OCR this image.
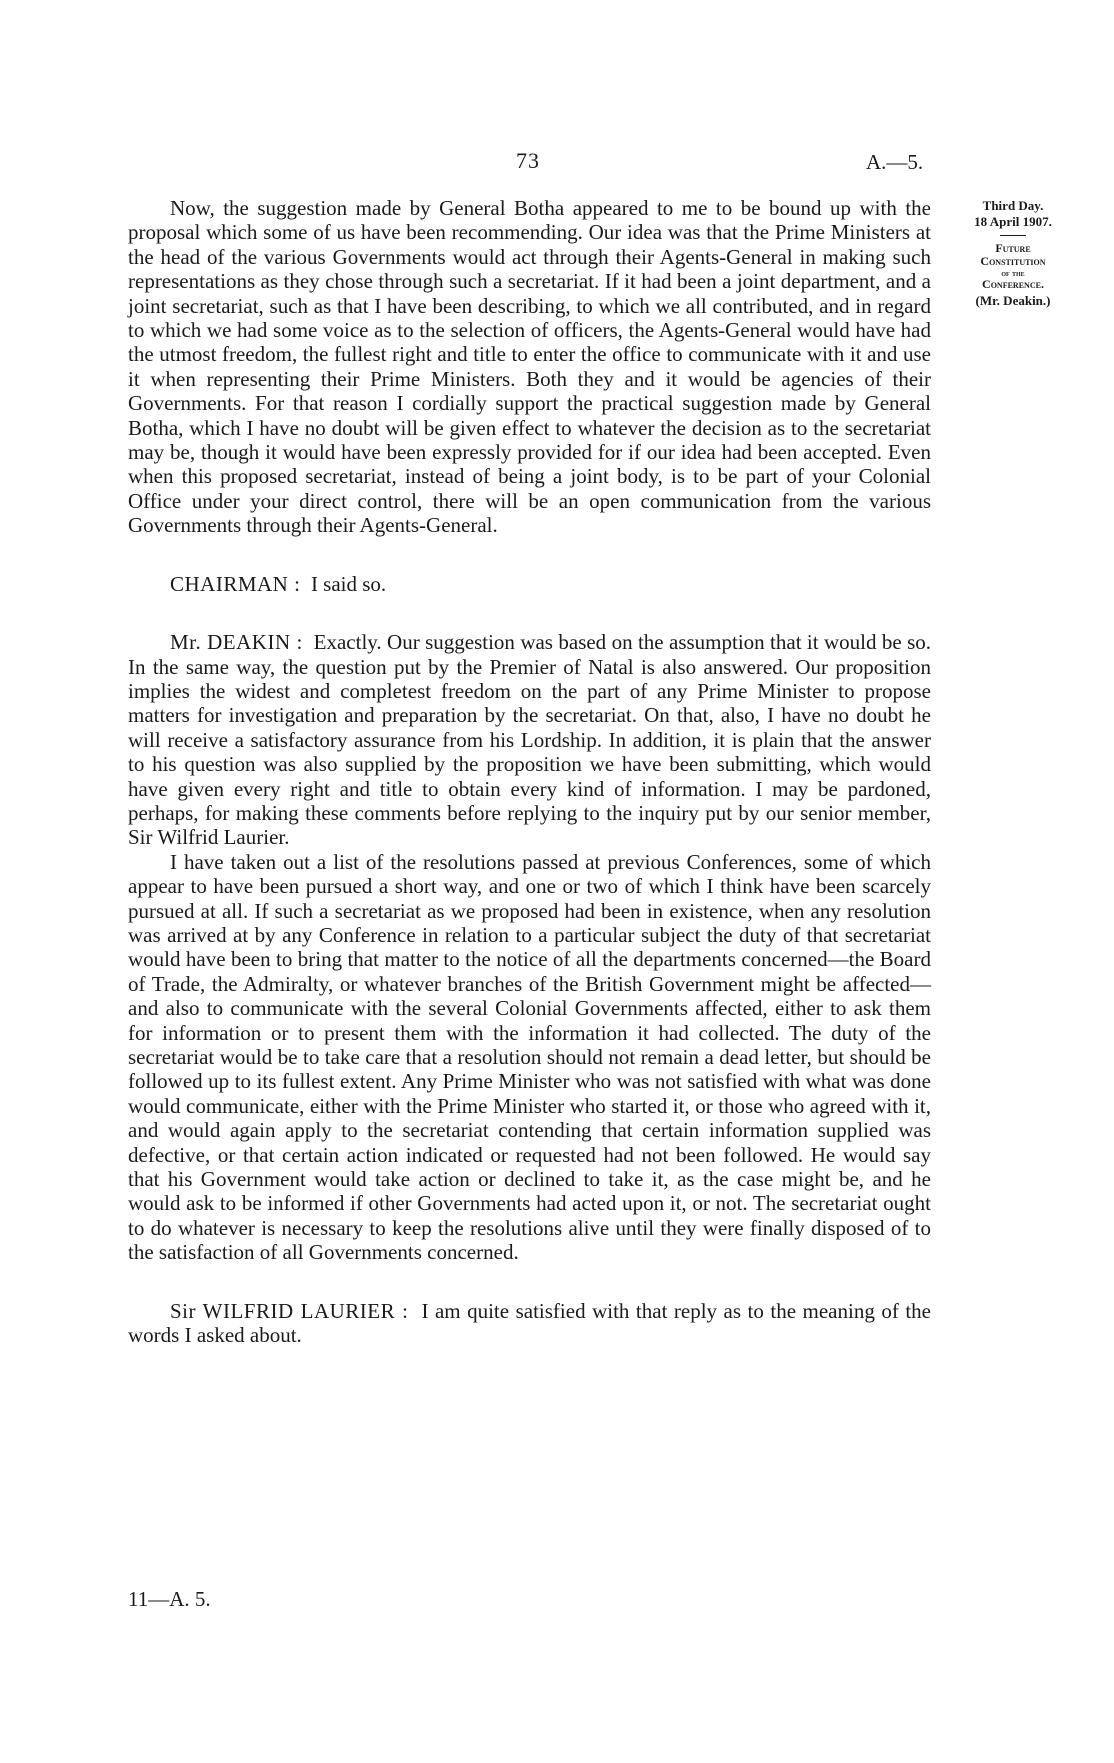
73	A.—5.
Third Day.
18 April 1907.
Future
Constitution
of the
Conference.
(Mr. Deakin.)

Now, the suggestion made by General Botha appeared to me to be bound up with the proposal which some of us have been recommending. Our idea was that the Prime Ministers at the head of the various Governments would act through their Agents-General in making such representations as they chose through such a secretariat. If it had been a joint department, and a joint secretariat, such as that I have been describing, to which we all contributed, and in regard to which we had some voice as to the selection of officers, the Agents-General would have had the utmost freedom, the fullest right and title to enter the office to communicate with it and use it when representing their Prime Ministers. Both they and it would be agencies of their Governments. For that reason I cordially support the practical suggestion made by General Botha, which I have no doubt will be given effect to whatever the decision as to the secretariat may be, though it would have been expressly provided for if our idea had been accepted. Even when this proposed secretariat, instead of being a joint body, is to be part of your Colonial Office under your direct control, there will be an open communication from the various Governments through their Agents-General.

CHAIRMAN : I said so.

Mr. DEAKIN : Exactly. Our suggestion was based on the assumption that it would be so. In the same way, the question put by the Premier of Natal is also answered. Our proposition implies the widest and completest freedom on the part of any Prime Minister to propose matters for investigation and preparation by the secretariat. On that, also, I have no doubt he will receive a satisfactory assurance from his Lordship. In addition, it is plain that the answer to his question was also supplied by the proposition we have been submitting, which would have given every right and title to obtain every kind of information. I may be pardoned, perhaps, for making these comments before replying to the inquiry put by our senior member, Sir Wilfrid Laurier.

I have taken out a list of the resolutions passed at previous Conferences, some of which appear to have been pursued a short way, and one or two of which I think have been scarcely pursued at all. If such a secretariat as we proposed had been in existence, when any resolution was arrived at by any Conference in relation to a particular subject the duty of that secretariat would have been to bring that matter to the notice of all the departments concerned—the Board of Trade, the Admiralty, or whatever branches of the British Government might be affected—and also to communicate with the several Colonial Governments affected, either to ask them for information or to present them with the information it had collected. The duty of the secretariat would be to take care that a resolution should not remain a dead letter, but should be followed up to its fullest extent. Any Prime Minister who was not satisfied with what was done would communicate, either with the Prime Minister who started it, or those who agreed with it, and would again apply to the secretariat contending that certain information supplied was defective, or that certain action indicated or requested had not been followed. He would say that his Government would take action or declined to take it, as the case might be, and he would ask to be informed if other Governments had acted upon it, or not. The secretariat ought to do whatever is necessary to keep the resolutions alive until they were finally disposed of to the satisfaction of all Governments concerned.

Sir WILFRID LAURIER : I am quite satisfied with that reply as to the meaning of the words I asked about.

11—A. 5.
